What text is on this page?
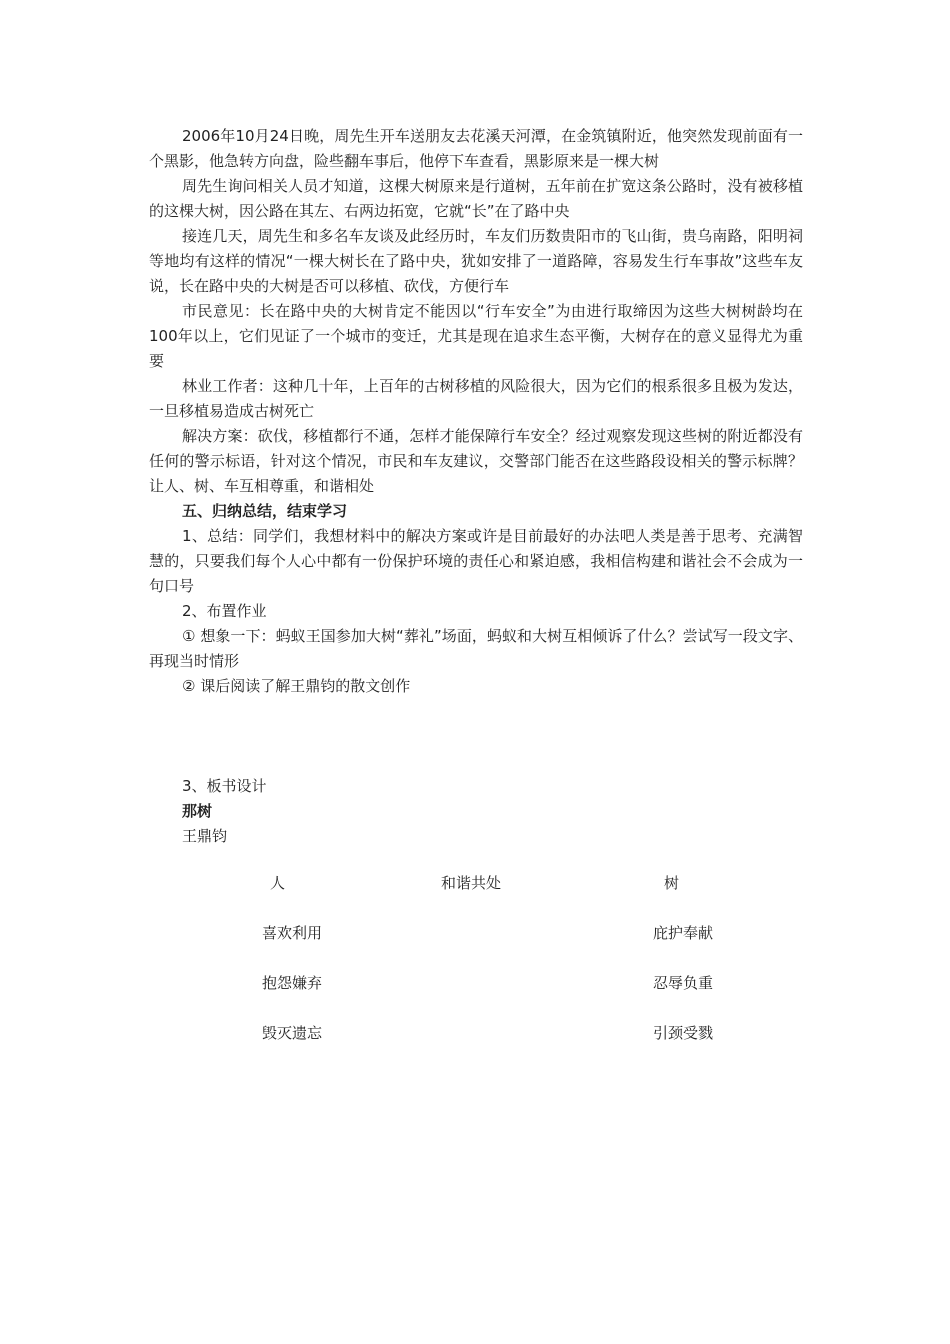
2006年10月24日晚，周先生开车送朋友去花溪天河潭，在金筑镇附近，他突然发现前面有一个黑影，他急转方向盘，险些翻车事后，他停下车查看，黑影原来是一棵大树

周先生询问相关人员才知道，这棵大树原来是行道树，五年前在扩宽这条公路时，没有被移植的这棵大树，因公路在其左、右两边拓宽，它就“长”在了路中央

接连几天，周先生和多名车友谈及此经历时，车友们历数贵阳市的飞山街，贵乌南路，阳明祠等地均有这样的情况“一棵大树长在了路中央，犹如安排了一道路障，容易发生行车事故”这些车友说，长在路中央的大树是否可以移植、砍伐，方便行车

市民意见：长在路中央的大树肯定不能因以“行车安全”为由进行取缔因为这些大树树龄均在100年以上，它们见证了一个城市的变迁，尤其是现在追求生态平衡，大树存在的意义显得尤为重要

林业工作者：这种几十年，上百年的古树移植的风险很大，因为它们的根系很多且极为发达，一旦移植易造成古树死亡

解决方案：砍伐，移植都行不通，怎样才能保障行车安全？经过观察发现这些树的附近都没有任何的警示标语，针对这个情况，市民和车友建议，交警部门能否在这些路段设相关的警示标牌？让人、树、车互相尊重，和谐相处

五、归纳总结，结束学习

1、总结：同学们，我想材料中的解决方案或许是目前最好的办法吧人类是善于思考、充满智慧的，只要我们每个人心中都有一份保护环境的责任心和紧迫感，我相信构建和谐社会不会成为一句口号

2、布置作业

① 想象一下：蚂蚁王国参加大树“葬礼”场面，蚂蚁和大树互相倾诉了什么？尝试写一段文字、再现当时情形

② 课后阅读了解王鼎钧的散文创作

3、板书设计

那树

王鼎钧

人	和谐共处	树
喜欢利用
抱怨嫌弃
毁灭遗忘
庇护奉献
忍辱负重
引颈受戮
